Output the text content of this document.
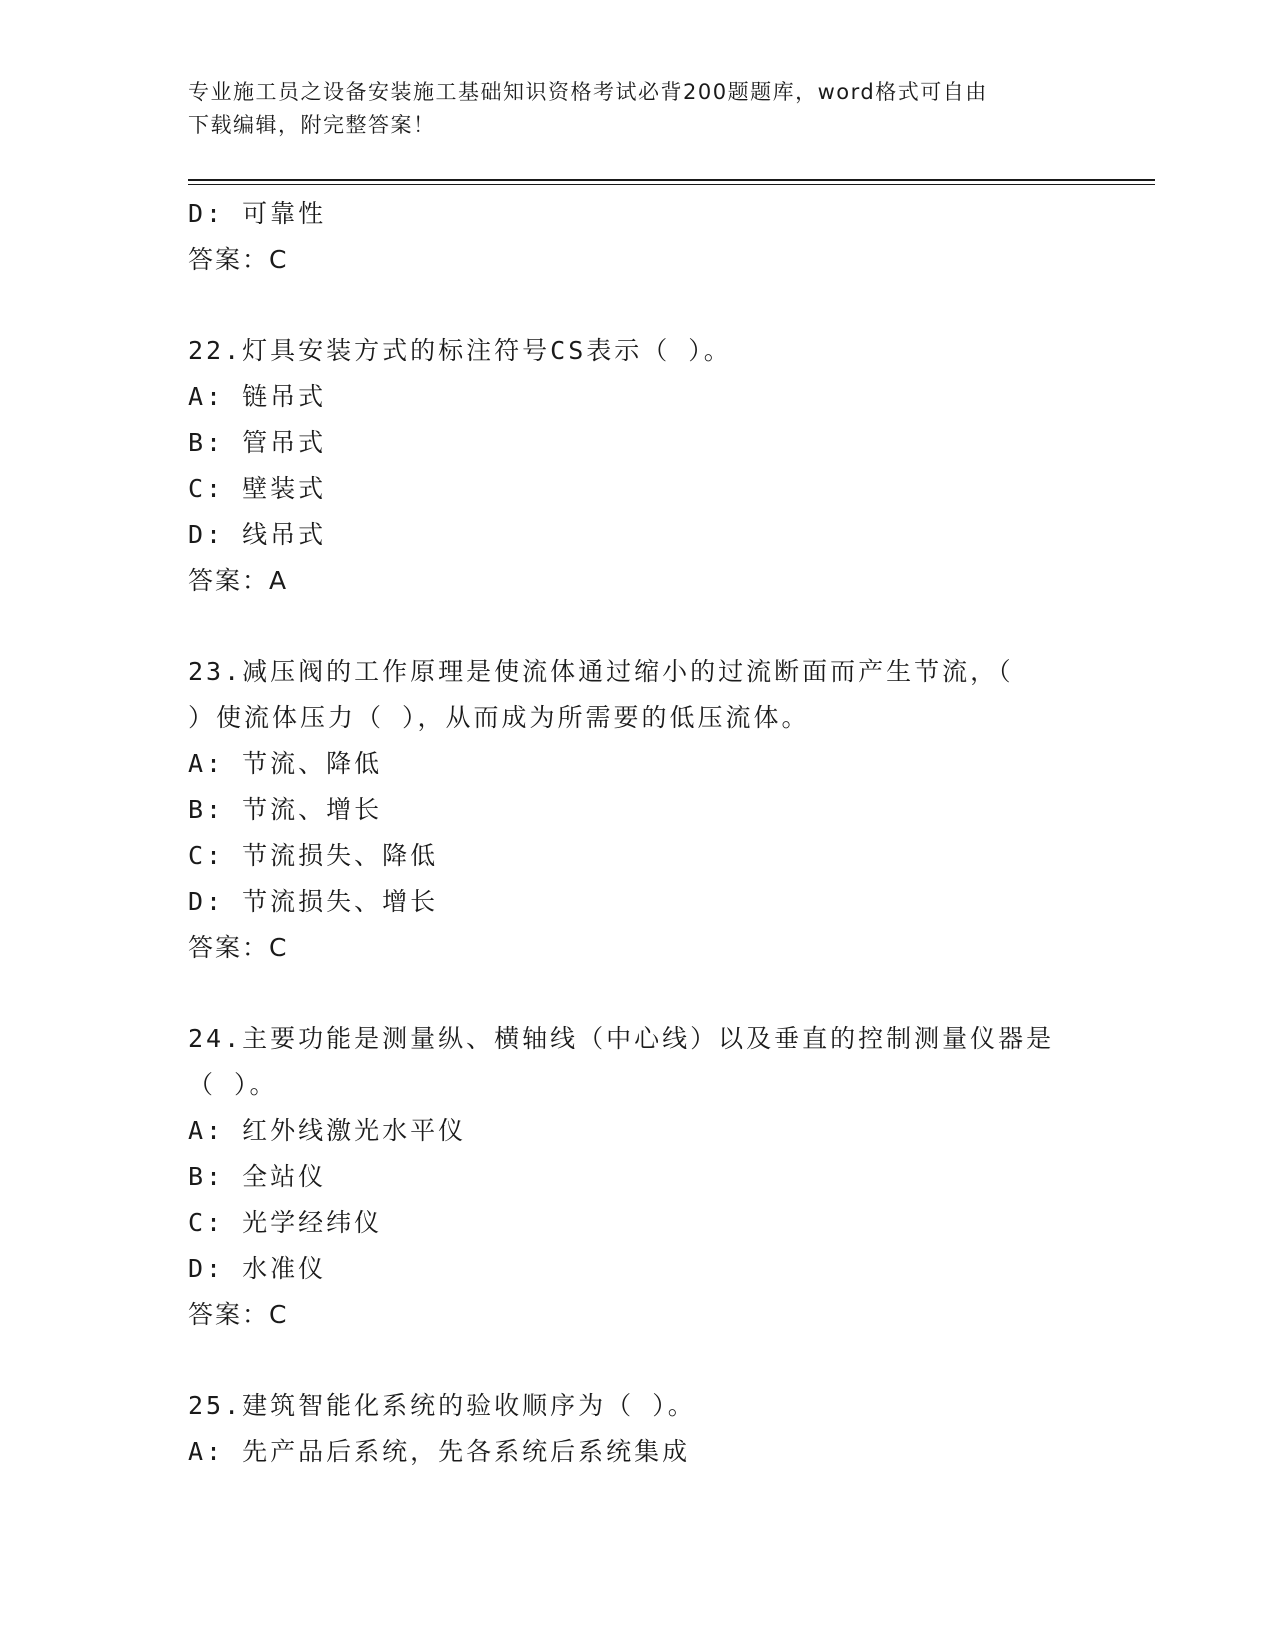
专业施工员之设备安装施工基础知识资格考试必背200题题库，word格式可自由
下载编辑，附完整答案！
D: 可靠性
答案：C
22.灯具安装方式的标注符号CS表示（ ）。
A: 链吊式
B: 管吊式
C: 壁装式
D: 线吊式
答案：A
23.减压阀的工作原理是使流体通过缩小的过流断面而产生节流，（
）使流体压力（ ），从而成为所需要的低压流体。
A: 节流、降低
B: 节流、增长
C: 节流损失、降低
D: 节流损失、增长
答案：C
24.主要功能是测量纵、横轴线（中心线）以及垂直的控制测量仪器是
（ ）。
A: 红外线激光水平仪
B: 全站仪
C: 光学经纬仪
D: 水准仪
答案：C
25.建筑智能化系统的验收顺序为（ ）。
A: 先产品后系统，先各系统后系统集成
